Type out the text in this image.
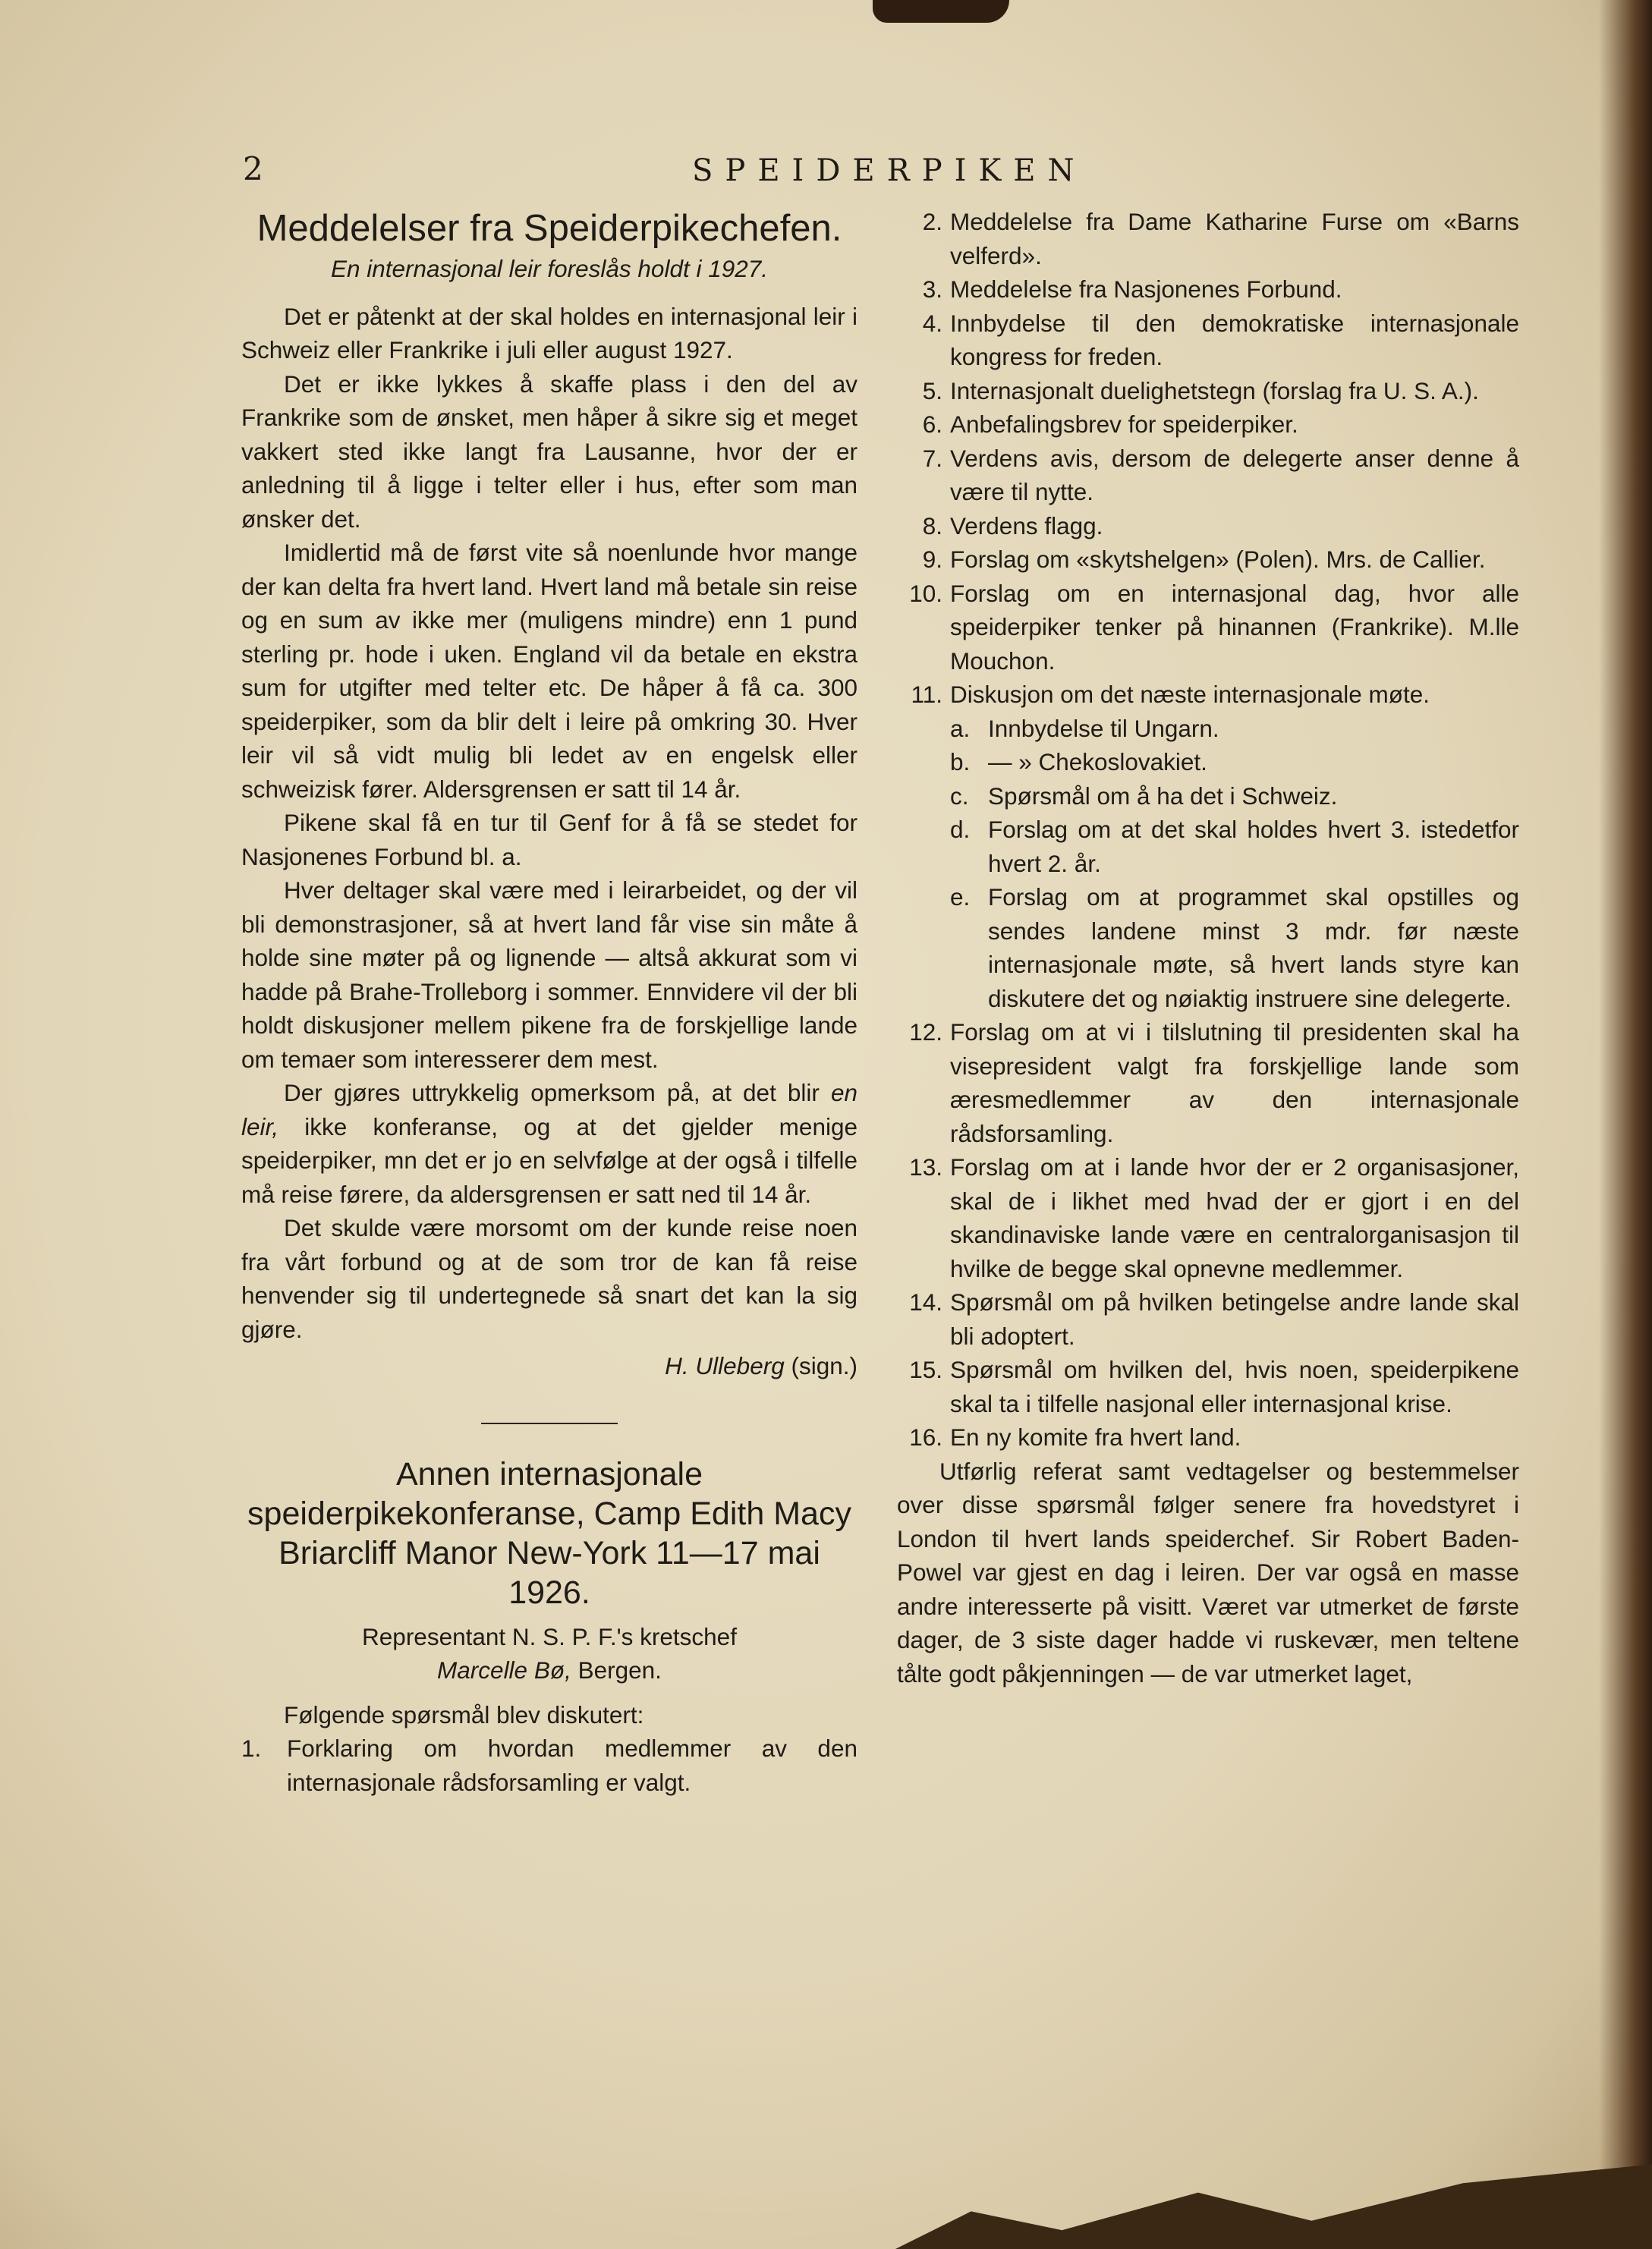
2	SPEIDERPIKEN
Meddelelser fra Speiderpikechefen.
En internasjonal leir foreslås holdt i 1927.

Det er påtenkt at der skal holdes en internasjonal leir i Schweiz eller Frankrike i juli eller august 1927.

Det er ikke lykkes å skaffe plass i den del av Frankrike som de ønsket, men håper å sikre sig et meget vakkert sted ikke langt fra Lausanne, hvor der er anledning til å ligge i telter eller i hus, efter som man ønsker det.

Imidlertid må de først vite så noenlunde hvor mange der kan delta fra hvert land. Hvert land må betale sin reise og en sum av ikke mer (muligens mindre) enn 1 pund sterling pr. hode i uken. England vil da betale en ekstra sum for utgifter med telter etc. De håper å få ca. 300 speiderpiker, som da blir delt i leire på omkring 30. Hver leir vil så vidt mulig bli ledet av en engelsk eller schweizisk fører. Aldersgrensen er satt til 14 år.

Pikene skal få en tur til Genf for å få se stedet for Nasjonenes Forbund bl. a.

Hver deltager skal være med i leirarbeidet, og der vil bli demonstrasjoner, så at hvert land får vise sin måte å holde sine møter på og lignende — altså akkurat som vi hadde på Brahe-Trolleborg i sommer. Ennvidere vil der bli holdt diskusjoner mellem pikene fra de forskjellige lande om temaer som interesserer dem mest.

Der gjøres uttrykkelig opmerksom på, at det blir en leir, ikke konferanse, og at det gjelder menige speiderpiker, mn det er jo en selvfølge at der også i tilfelle må reise førere, da aldersgrensen er satt ned til 14 år.

Det skulde være morsomt om der kunde reise noen fra vårt forbund og at de som tror de kan få reise henvender sig til undertegnede så snart det kan la sig gjøre.

H. Ulleberg (sign.)
Annen internasjonale speiderpikekonferanse, Camp Edith Macy Briarcliff Manor New-York 11—17 mai 1926.
Representant N. S. P. F.'s kretschef
Marcelle Bø, Bergen.

Følgende spørsmål blev diskutert:

1.	Forklaring om hvordan medlemmer av den internasjonale rådsforsamling er valgt.
2. Meddelelse fra Dame Katharine Furse om «Barns velferd».
3. Meddelelse fra Nasjonenes Forbund.
4. Innbydelse til den demokratiske internasjonale kongress for freden.
5. Internasjonalt duelighetstegn (forslag fra U. S. A.).
6. Anbefalingsbrev for speiderpiker.
7. Verdens avis, dersom de delegerte anser denne å være til nytte.
8. Verdens flagg.
9. Forslag om «skytshelgen» (Polen). Mrs. de Callier.
10. Forslag om en internasjonal dag, hvor alle speiderpiker tenker på hinannen (Frankrike). M.lle Mouchon.
11. Diskusjon om det næste internasjonale møte.
a. Innbydelse til Ungarn.
b. — » Chekoslovakiet.
c. Spørsmål om å ha det i Schweiz.
d. Forslag om at det skal holdes hvert 3. istedetfor hvert 2. år.
e. Forslag om at programmet skal opstilles og sendes landene minst 3 mdr. før næste internasjonale møte, så hvert lands styre kan diskutere det og nøiaktig instruere sine delegerte.
12. Forslag om at vi i tilslutning til presidenten skal ha visepresident valgt fra forskjellige lande som æresmedlemmer av den internasjonale rådsforsamling.
13. Forslag om at i lande hvor der er 2 organisasjoner, skal de i likhet med hvad der er gjort i en del skandinaviske lande være en centralorganisasjon til hvilke de begge skal opnevne medlemmer.
14. Spørsmål om på hvilken betingelse andre lande skal bli adoptert.
15. Spørsmål om hvilken del, hvis noen, speiderpikene skal ta i tilfelle nasjonal eller internasjonal krise.
16. En ny komite fra hvert land.

Utførlig referat samt vedtagelser og bestemmelser over disse spørsmål følger senere fra hovedstyret i London til hvert lands speiderchef. Sir Robert Baden-Powel var gjest en dag i leiren. Der var også en masse andre interesserte på visitt. Været var utmerket de første dager, de 3 siste dager hadde vi ruskevær, men teltene tålte godt påkjenningen — de var utmerket laget,
